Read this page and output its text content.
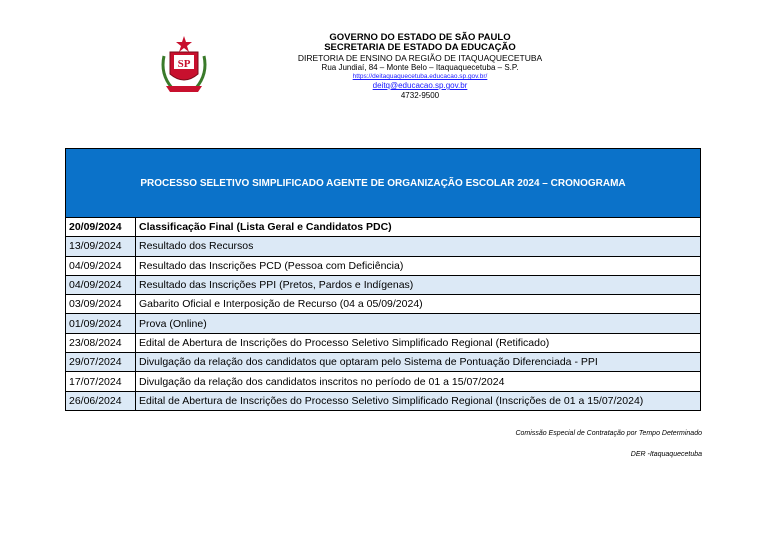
SP
GOVERNO DO ESTADO DE SÃO PAULO
SECRETARIA DE ESTADO DA EDUCAÇÃO
DIRETORIA DE ENSINO DA REGIÃO DE ITAQUAQUECETUBA
Rua Jundiaí, 84 – Monte Belo – Itaquaquecetuba – S.P.
https://deitaquaquecetuba.educacao.sp.gov.br/
deitq@educacao.sp.gov.br
4732-9500
PROCESSO SELETIVO SIMPLIFICADO AGENTE DE ORGANIZAÇÃO ESCOLAR 2024 – CRONOGRAMA
20/09/2024	Classificação Final (Lista Geral e Candidatos PDC)
13/09/2024	Resultado dos Recursos
04/09/2024	Resultado das Inscrições PCD (Pessoa com Deficiência)
04/09/2024	Resultado das Inscrições PPI (Pretos, Pardos e Indígenas)
03/09/2024	Gabarito Oficial e Interposição de Recurso (04 a 05/09/2024)
01/09/2024	Prova (Online)
23/08/2024	Edital de Abertura de Inscrições do Processo Seletivo Simplificado Regional (Retificado)
29/07/2024	Divulgação da relação dos candidatos que optaram pelo Sistema de Pontuação Diferenciada - PPI
17/07/2024	Divulgação da relação dos candidatos inscritos no período de 01 a 15/07/2024
26/06/2024	Edital de Abertura de Inscrições do Processo Seletivo Simplificado Regional (Inscrições de 01 a 15/07/2024)
Comissão Especial de Contratação por Tempo Determinado
DER -Itaquaquecetuba
